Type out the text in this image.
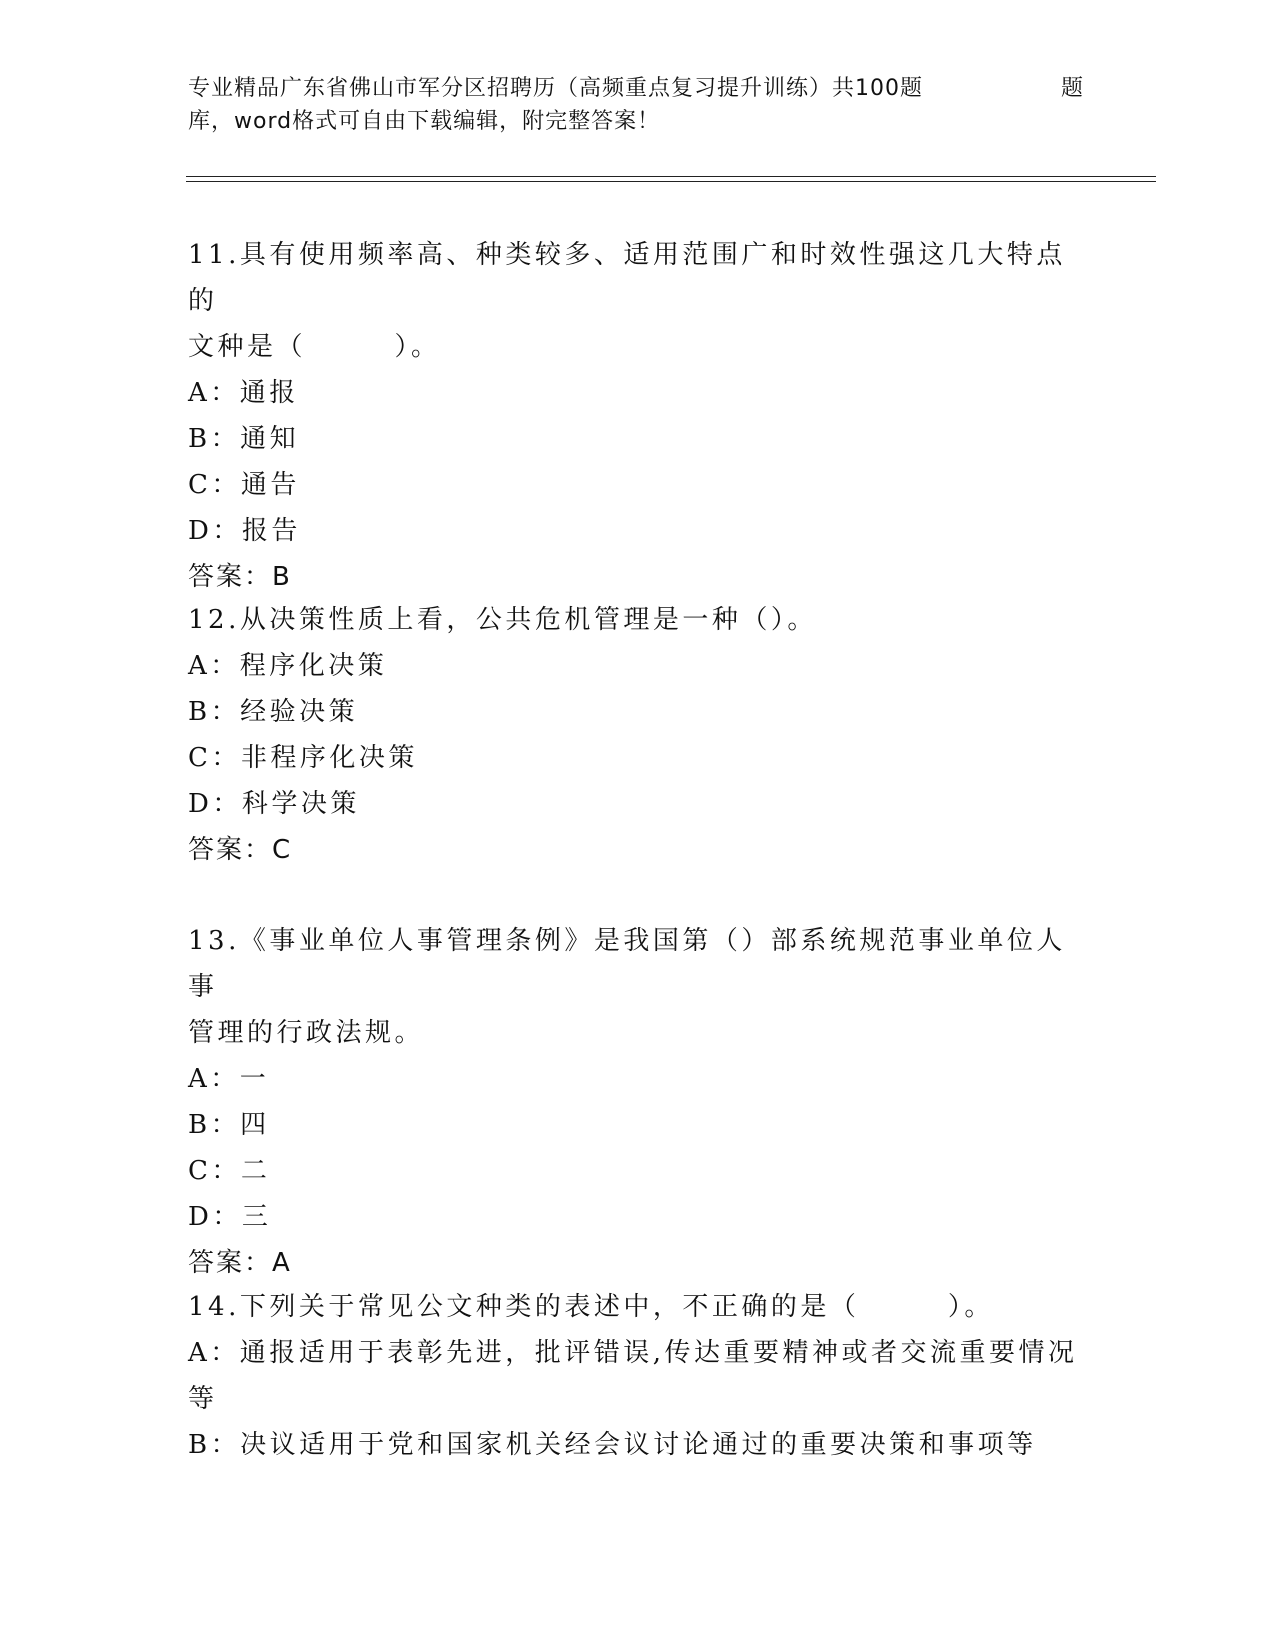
专业精品广东省佛山市军分区招聘历（高频重点复习提升训练）共100题	题
库，word格式可自由下载编辑，附完整答案！
11.具有使用频率高、种类较多、适用范围广和时效性强这几大特点的
文种是（　　　）。
A：通报
B：通知
C：通告
D：报告
答案：B
12.从决策性质上看，公共危机管理是一种（）。
A：程序化决策
B：经验决策
C：非程序化决策
D：科学决策
答案：C
13.《事业单位人事管理条例》是我国第（）部系统规范事业单位人事
管理的行政法规。
A：一
B：四
C：二
D：三
答案：A
14.下列关于常见公文种类的表述中，不正确的是（　　　）。
A：通报适用于表彰先进，批评错误,传达重要精神或者交流重要情况
等
B：决议适用于党和国家机关经会议讨论通过的重要决策和事项等
